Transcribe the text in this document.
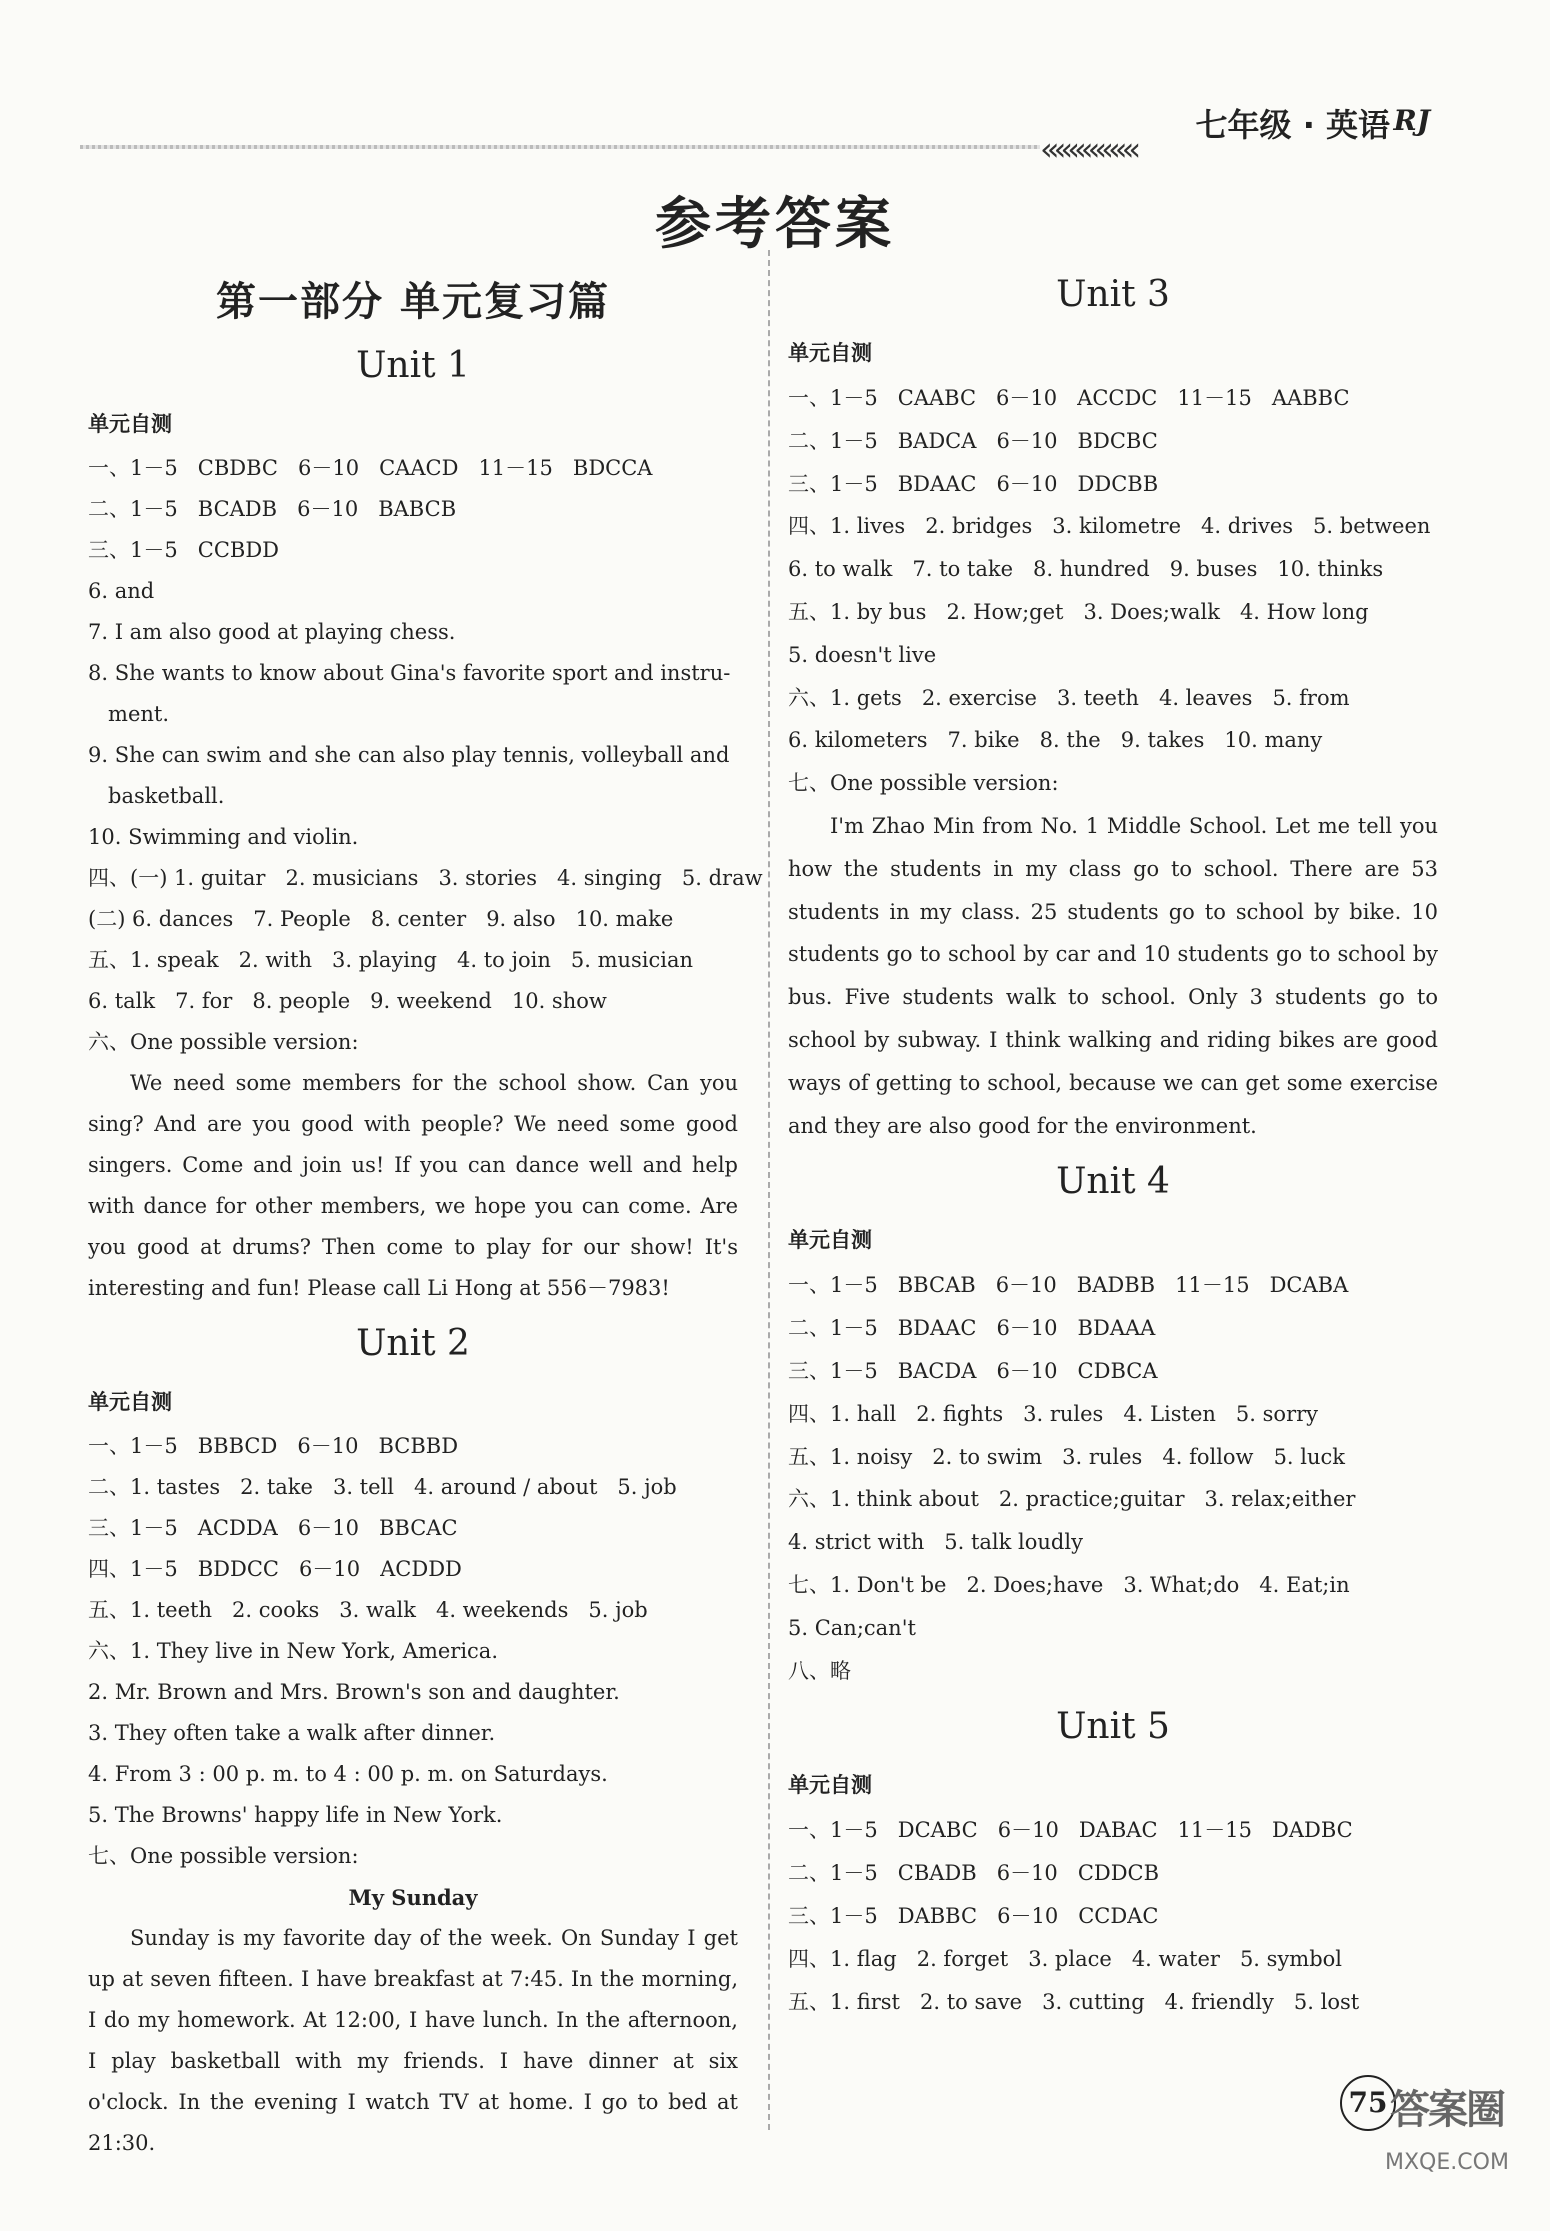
‹‹‹‹‹‹‹‹‹‹‹‹‹‹
七年级 · 英语 RJ
参考答案
第一部分 单元复习篇
Unit 1
单元自测
一、1－5   CBDBC   6－10   CAACD   11－15   BDCCA
二、1－5   BCADB   6－10   BABCB
三、1－5   CCBDD
6. and
7. I am also good at playing chess.
8. She wants to know about Gina's favorite sport and instru-
ment.
9. She can swim and she can also play tennis, volleyball and
basketball.
10. Swimming and violin.
四、(一) 1. guitar   2. musicians   3. stories   4. singing   5. draw
(二) 6. dances   7. People   8. center   9. also   10. make
五、1. speak   2. with   3. playing   4. to join   5. musician
6. talk   7. for   8. people   9. weekend   10. show
六、One possible version:
We need some members for the school show. Can you sing? And are you good with people? We need some good singers. Come and join us! If you can dance well and help with dance for other members, we hope you can come. Are you good at drums? Then come to play for our show! It's interesting and fun! Please call Li Hong at 556－7983!
Unit 2
单元自测
一、1－5   BBBCD   6－10   BCBBD
二、1. tastes   2. take   3. tell   4. around / about   5. job
三、1－5   ACDDA   6－10   BBCAC
四、1－5   BDDCC   6－10   ACDDD
五、1. teeth   2. cooks   3. walk   4. weekends   5. job
六、1. They live in New York, America.
2. Mr. Brown and Mrs. Brown's son and daughter.
3. They often take a walk after dinner.
4. From 3 : 00 p. m. to 4 : 00 p. m. on Saturdays.
5. The Browns' happy life in New York.
七、One possible version:
My Sunday
Sunday is my favorite day of the week. On Sunday I get up at seven fifteen. I have breakfast at 7:45. In the morning, I do my homework. At 12:00, I have lunch. In the afternoon, I play basketball with my friends. I have dinner at six o'clock. In the evening I watch TV at home. I go to bed at 21:30.
Unit 3
单元自测
一、1－5   CAABC   6－10   ACCDC   11－15   AABBC
二、1－5   BADCA   6－10   BDCBC
三、1－5   BDAAC   6－10   DDCBB
四、1. lives   2. bridges   3. kilometre   4. drives   5. between
6. to walk   7. to take   8. hundred   9. buses   10. thinks
五、1. by bus   2. How;get   3. Does;walk   4. How long
5. doesn't live
六、1. gets   2. exercise   3. teeth   4. leaves   5. from
6. kilometers   7. bike   8. the   9. takes   10. many
七、One possible version:
I'm Zhao Min from No. 1 Middle School. Let me tell you how the students in my class go to school. There are 53 students in my class. 25 students go to school by bike. 10 students go to school by car and 10 students go to school by bus. Five students walk to school. Only 3 students go to school by subway. I think walking and riding bikes are good ways of getting to school, because we can get some exercise and they are also good for the environment.
Unit 4
单元自测
一、1－5   BBCAB   6－10   BADBB   11－15   DCABA
二、1－5   BDAAC   6－10   BDAAA
三、1－5   BACDA   6－10   CDBCA
四、1. hall   2. fights   3. rules   4. Listen   5. sorry
五、1. noisy   2. to swim   3. rules   4. follow   5. luck
六、1. think about   2. practice;guitar   3. relax;either
4. strict with   5. talk loudly
七、1. Don't be   2. Does;have   3. What;do   4. Eat;in
5. Can;can't
八、略
Unit 5
单元自测
一、1－5   DCABC   6－10   DABAC   11－15   DADBC
二、1－5   CBADB   6－10   CDDCB
三、1－5   DABBC   6－10   CCDAC
四、1. flag   2. forget   3. place   4. water   5. symbol
五、1. first   2. to save   3. cutting   4. friendly   5. lost
75 答案圈
MXQE.COM
